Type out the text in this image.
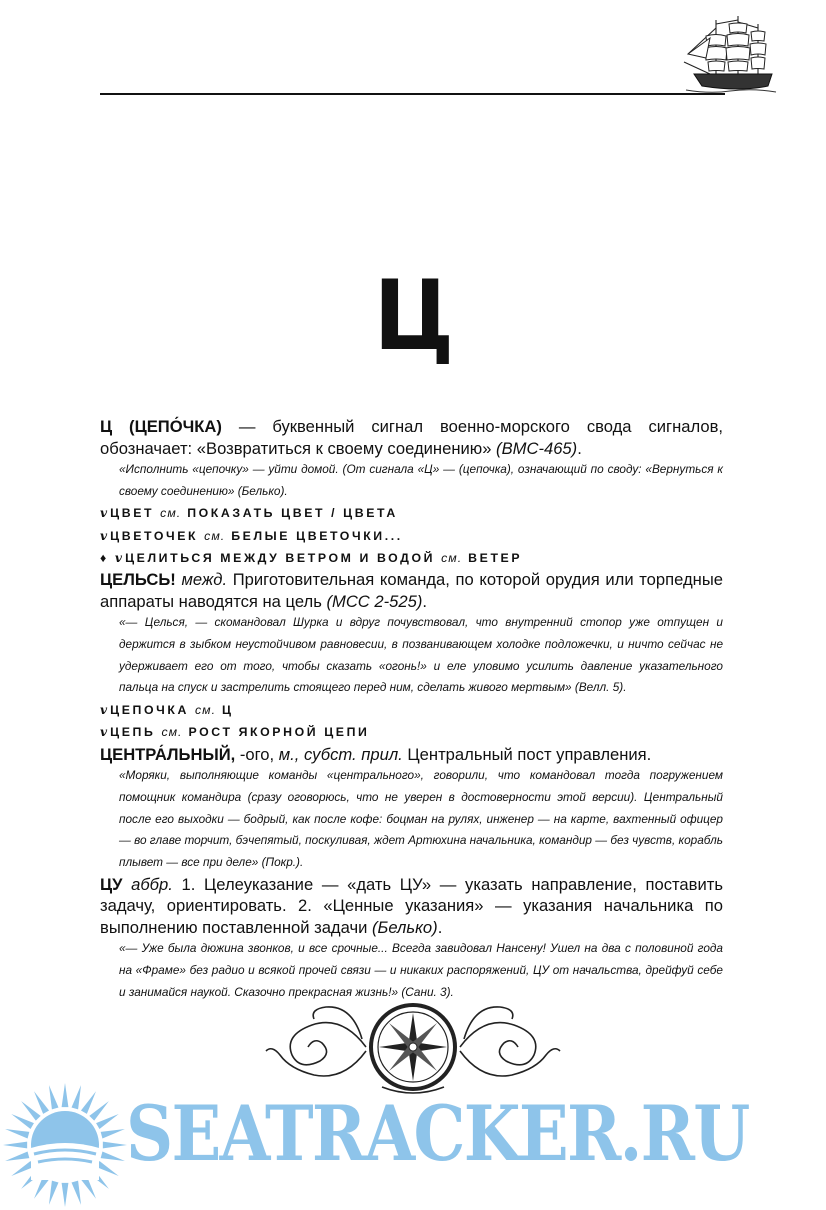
Ц

Ц (ЦЕПО́ЧКА) — буквенный сигнал военно-морского свода сигналов, обозначает: «Возвратиться к своему соединению» (ВМС-465).

«Исполнить «цепочку» — уйти домой. (От сигнала «Ц» — (цепочка), означающий по своду: «Вернуться к своему соединению» (Белько).

v ЦВЕТ см. ПОКАЗАТЬ ЦВЕТ / ЦВЕТА

v ЦВЕТОЧЕК см. БЕЛЫЕ ЦВЕТОЧКИ...

♦ v ЦЕЛИТЬСЯ МЕЖДУ ВЕТРОМ И ВОДОЙ см. ВЕТЕР

ЦЕЛЬСЬ! межд. Приготовительная команда, по которой орудия или торпедные аппараты наводятся на цель (МСС 2-525).

«— Целься, — скомандовал Шурка и вдруг почувствовал, что внутренний стопор уже отпущен и держится в зыбком неустойчивом равновесии, в позванивающем холодке подложечки, и ничто сейчас не удерживает его от того, чтобы сказать «огонь!» и еле уловимо усилить давление указательного пальца на спуск и застрелить стоящего перед ним, сделать живого мертвым» (Велл. 5).

v ЦЕПОЧКА см. Ц

v ЦЕПЬ см. РОСТ ЯКОРНОЙ ЦЕПИ

ЦЕНТРА́ЛЬНЫЙ, -ого, м., субст. прил. Центральный пост управления.

«Моряки, выполняющие команды «центрального», говорили, что командовал тогда погружением помощник командира (сразу оговорюсь, что не уверен в достоверности этой версии). Центральный после его выходки — бодрый, как после кофе: боцман на рулях, инженер — на карте, вахтенный офицер — во главе торчит, бэчепятый, поскуливая, ждет Артюхина начальника, командир — без чувств, корабль плывет — все при деле» (Покр.).

ЦУ аббр. 1. Целеуказание — «дать ЦУ» — указать направление, поставить задачу, ориентировать. 2. «Ценные указания» — указания начальника по выполнению поставленной задачи (Белько).

«— Уже была дюжина звонков, и все срочные... Всегда завидовал Нансену! Ушел на два с половиной года на «Фраме» без радио и всякой прочей связи — и никаких распоряжений, ЦУ от начальства, дрейфуй себе и занимайся наукой. Сказочно прекрасная жизнь!» (Сани. 3).

SEATRACKER.RU
